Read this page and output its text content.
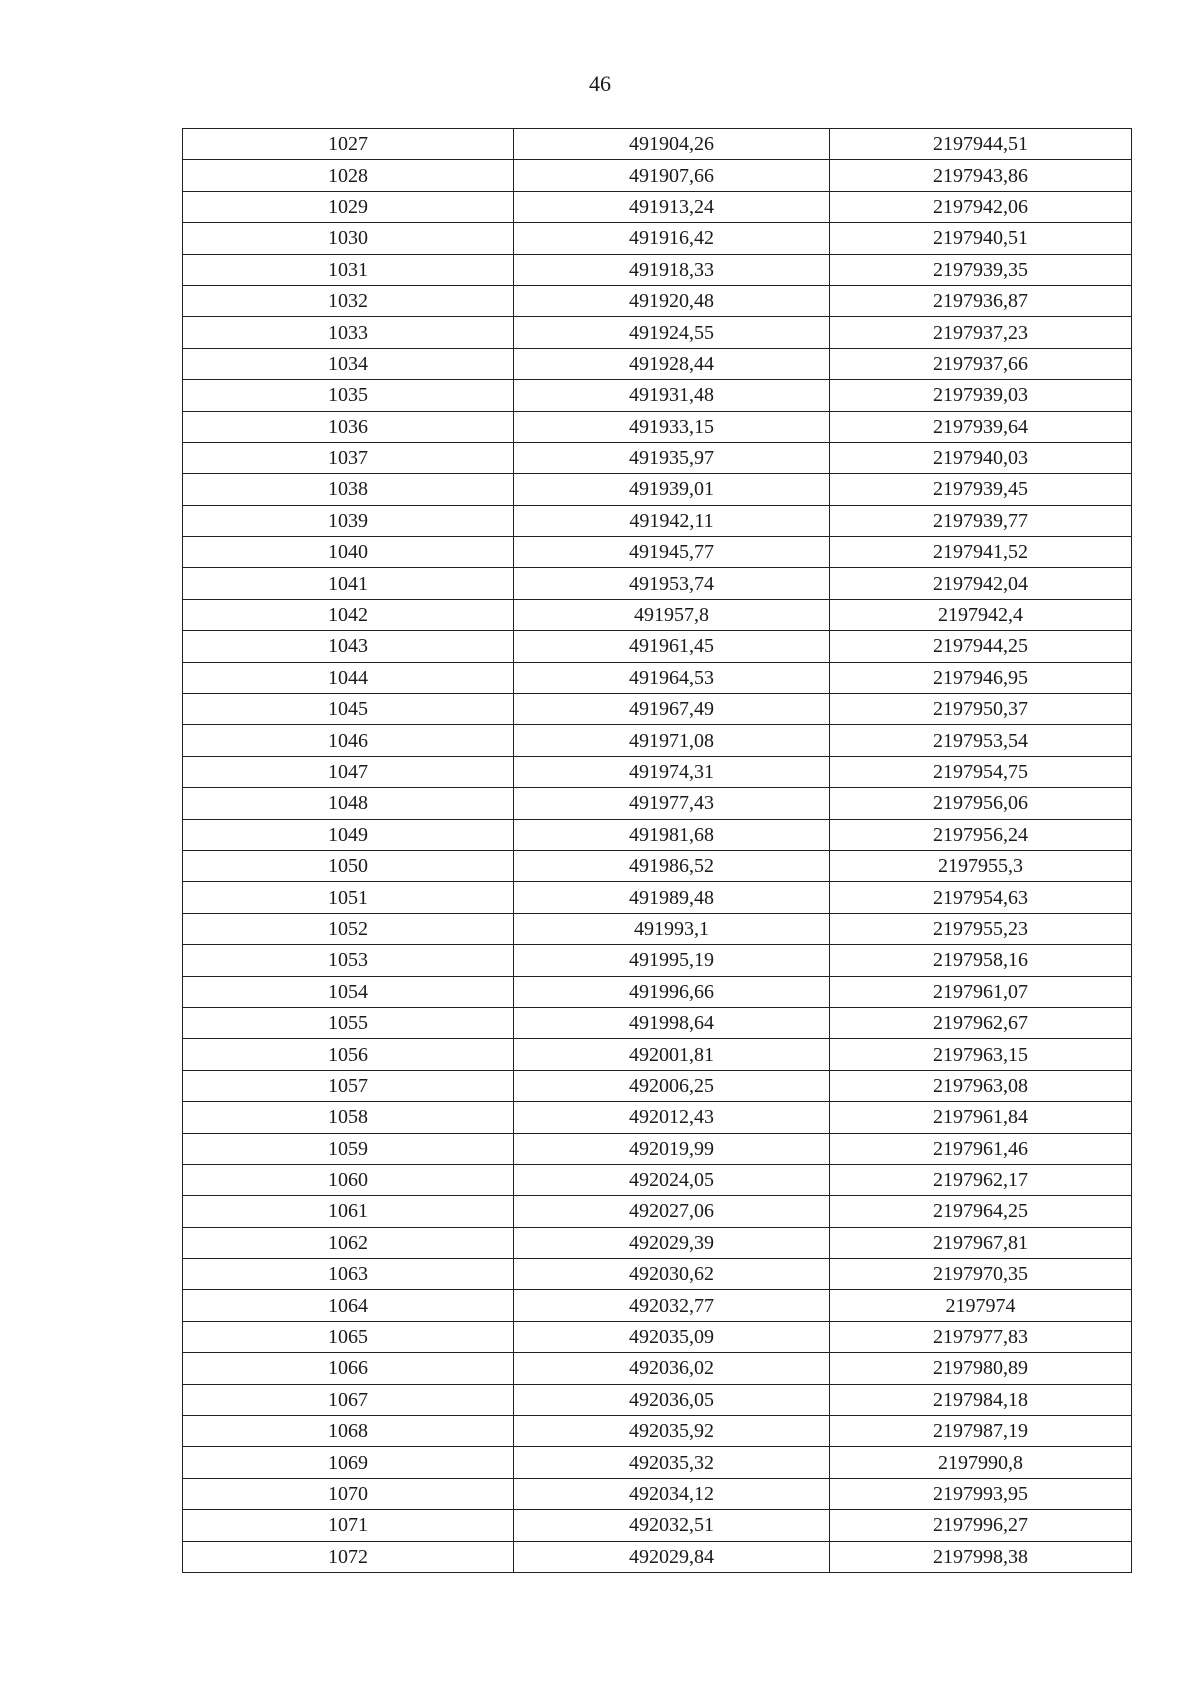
46
1027	491904,26	2197944,51
1028	491907,66	2197943,86
1029	491913,24	2197942,06
1030	491916,42	2197940,51
1031	491918,33	2197939,35
1032	491920,48	2197936,87
1033	491924,55	2197937,23
1034	491928,44	2197937,66
1035	491931,48	2197939,03
1036	491933,15	2197939,64
1037	491935,97	2197940,03
1038	491939,01	2197939,45
1039	491942,11	2197939,77
1040	491945,77	2197941,52
1041	491953,74	2197942,04
1042	491957,8	2197942,4
1043	491961,45	2197944,25
1044	491964,53	2197946,95
1045	491967,49	2197950,37
1046	491971,08	2197953,54
1047	491974,31	2197954,75
1048	491977,43	2197956,06
1049	491981,68	2197956,24
1050	491986,52	2197955,3
1051	491989,48	2197954,63
1052	491993,1	2197955,23
1053	491995,19	2197958,16
1054	491996,66	2197961,07
1055	491998,64	2197962,67
1056	492001,81	2197963,15
1057	492006,25	2197963,08
1058	492012,43	2197961,84
1059	492019,99	2197961,46
1060	492024,05	2197962,17
1061	492027,06	2197964,25
1062	492029,39	2197967,81
1063	492030,62	2197970,35
1064	492032,77	2197974
1065	492035,09	2197977,83
1066	492036,02	2197980,89
1067	492036,05	2197984,18
1068	492035,92	2197987,19
1069	492035,32	2197990,8
1070	492034,12	2197993,95
1071	492032,51	2197996,27
1072	492029,84	2197998,38
